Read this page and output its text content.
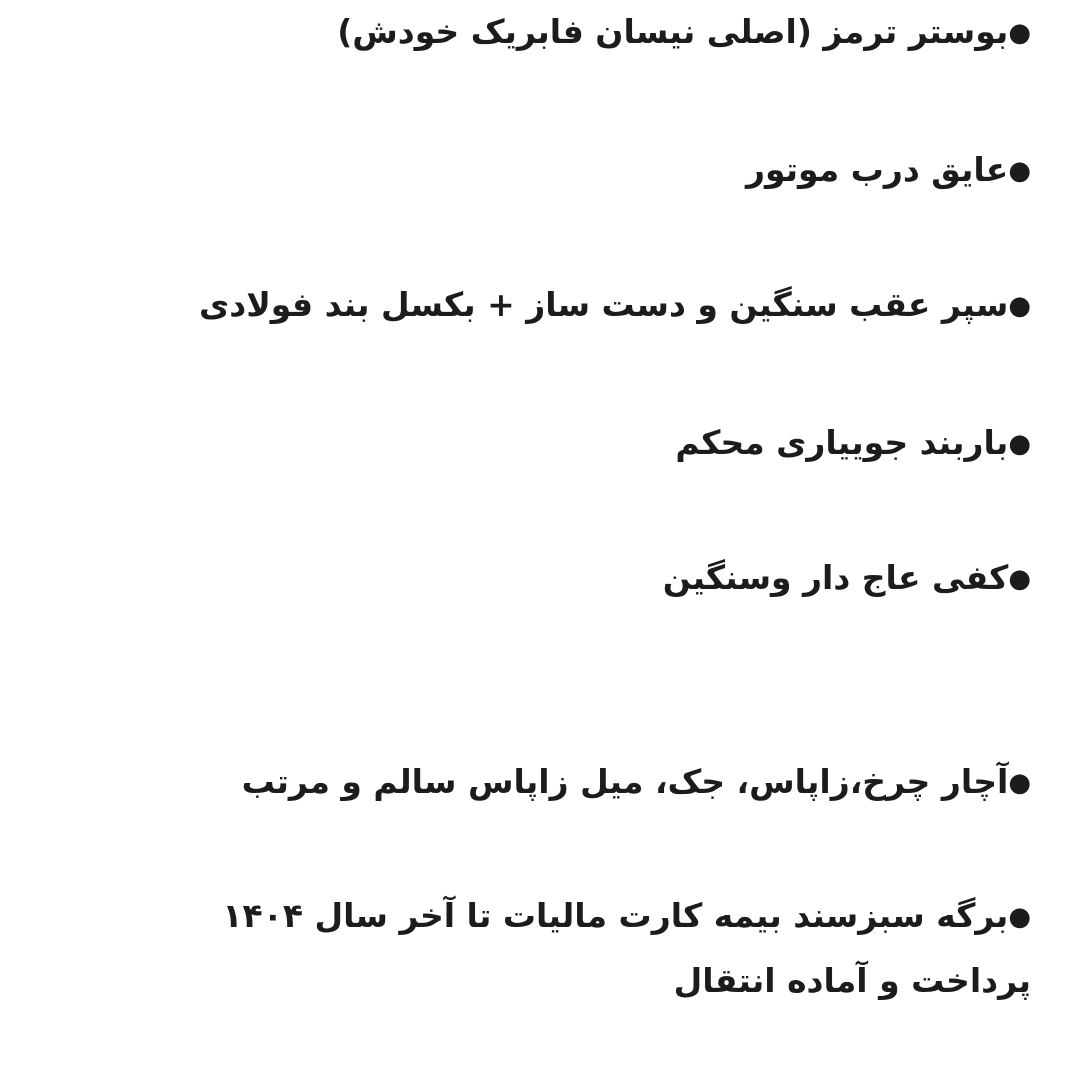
●بوستر ترمز (اصلی نیسان فابریک خودش)
●عایق درب موتور
●سپر عقب سنگین و دست ساز + بکسل بند فولادی
●باربند جوییاری محکم
●کفی عاج دار وسنگین
●آچار چرخ،زاپاس، جک، میل زاپاس سالم و مرتب
●برگه سبزسند بیمه کارت مالیات تا آخر سال ۱۴۰۴ پرداخت و آماده انتقال
